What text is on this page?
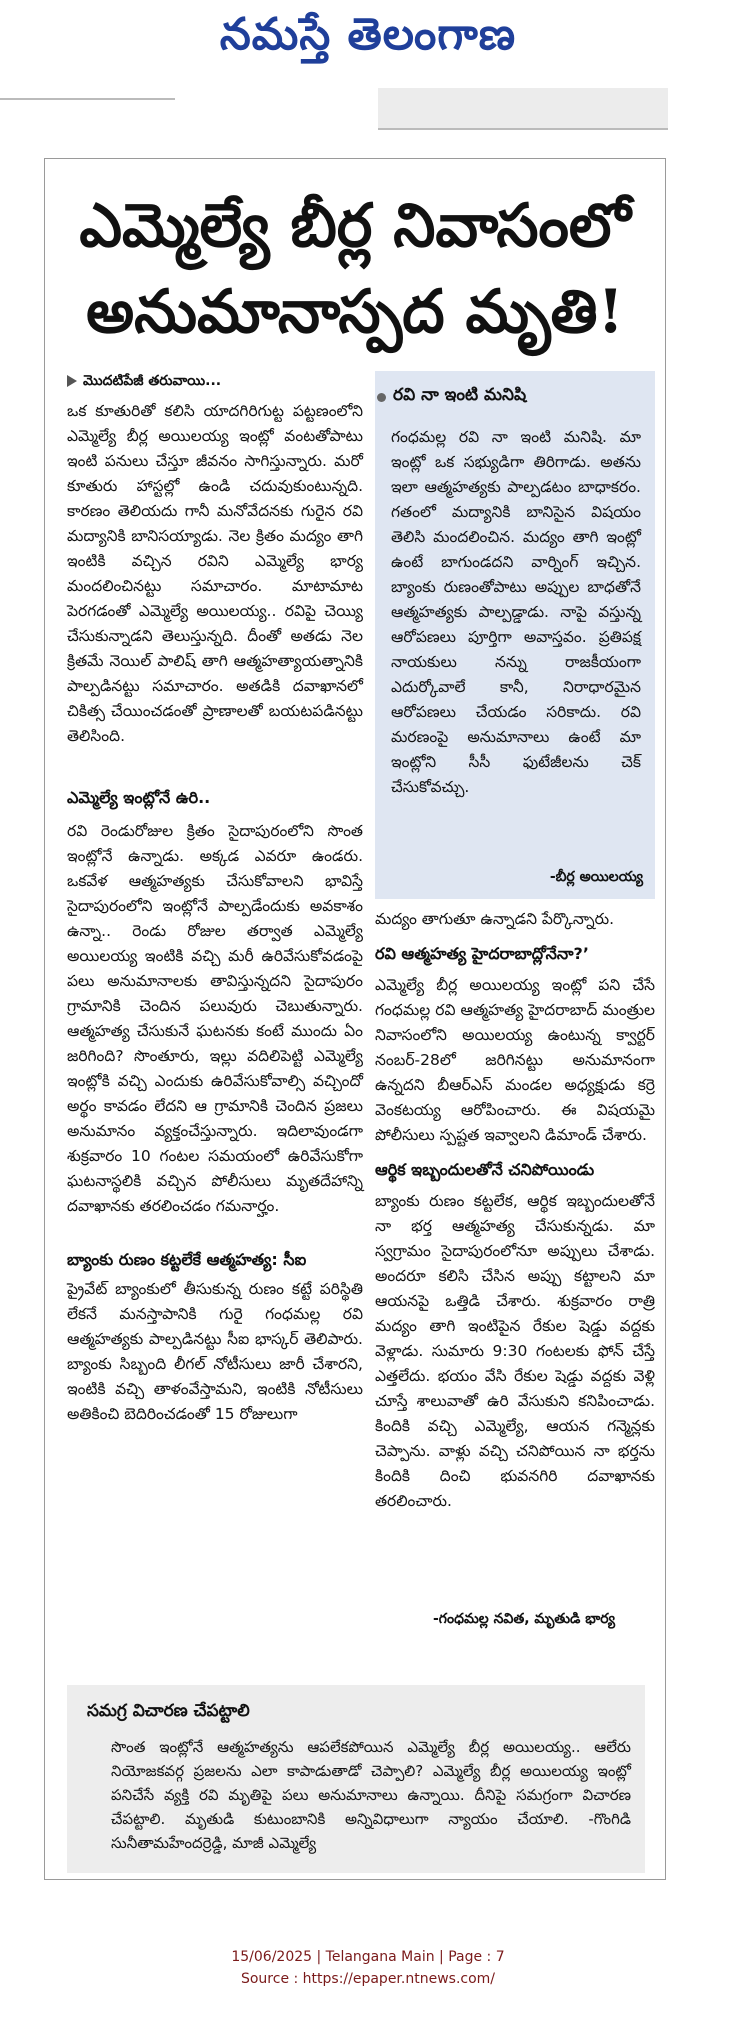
నమస్తే తెలంగాణ
ఎమ్మెల్యే బీర్ల నివాసంలో అనుమానాస్పద మృతి!
మొదటిపేజీ తరువాయి...

ఒక కూతురితో కలిసి యాదగిరిగుట్ట పట్టణంలోని ఎమ్మెల్యే బీర్ల అయిలయ్య ఇంట్లో వంటతోపాటు ఇంటి పనులు చేస్తూ జీవనం సాగిస్తున్నారు. మరో కూతురు హాస్టల్లో ఉండి చదువుకుంటున్నది. కారణం తెలియదు గానీ మనోవేదనకు గురైన రవి మద్యానికి బానిసయ్యాడు. నెల క్రితం మద్యం తాగి ఇంటికి వచ్చిన రవిని ఎమ్మెల్యే భార్య మందలించినట్టు సమాచారం. మాటామాట పెరగడంతో ఎమ్మెల్యే అయిలయ్య.. రవిపై చెయ్యి చేసుకున్నాడని తెలుస్తున్నది. దీంతో అతడు నెల క్రితమే నెయిల్ పాలిష్ తాగి ఆత్మహత్యాయత్నానికి పాల్పడినట్టు సమాచారం. అతడికి దవాఖానలో చికిత్స చేయించడంతో ప్రాణాలతో బయటపడినట్టు తెలిసింది.

ఎమ్మెల్యే ఇంట్లోనే ఉరి..

రవి రెండురోజుల క్రితం సైదాపురంలోని సొంత ఇంట్లోనే ఉన్నాడు. అక్కడ ఎవరూ ఉండరు. ఒకవేళ ఆత్మహత్యకు చేసుకోవాలని భావిస్తే సైదాపురంలోని ఇంట్లోనే పాల్పడేందుకు అవకాశం ఉన్నా.. రెండు రోజుల తర్వాత ఎమ్మెల్యే అయిలయ్య ఇంటికి వచ్చి మరీ ఉరివేసుకోవడంపై పలు అనుమానాలకు తావిస్తున్నదని సైదాపురం గ్రామానికి చెందిన పలువురు చెబుతున్నారు. ఆత్మహత్య చేసుకునే ఘటనకు కంటే ముందు ఏం జరిగింది? సొంతూరు, ఇల్లు వదిలిపెట్టి ఎమ్మెల్యే ఇంట్లోకి వచ్చి ఎందుకు ఉరివేసుకోవాల్సి వచ్చిందో అర్థం కావడం లేదని ఆ గ్రామానికి చెందిన ప్రజలు అనుమానం వ్యక్తంచేస్తున్నారు. ఇదిలావుండగా శుక్రవారం 10 గంటల సమయంలో ఉరివేసుకోగా ఘటనాస్థలికి వచ్చిన పోలీసులు మృతదేహాన్ని దవాఖానకు తరలించడం గమనార్హం.

బ్యాంకు రుణం కట్టలేకే ఆత్మహత్య: సీఐ

ప్రైవేట్ బ్యాంకులో తీసుకున్న రుణం కట్టే పరిస్థితి లేకనే మనస్తాపానికి గురై గంధమల్ల రవి ఆత్మహత్యకు పాల్పడినట్టు సీఐ భాస్కర్ తెలిపారు. బ్యాంకు సిబ్బంది లీగల్ నోటీసులు జారీ చేశారని, ఇంటికి వచ్చి తాళంవేస్తామని, ఇంటికి నోటీసులు అతికించి బెదిరించడంతో 15 రోజులుగా

రవి నా ఇంటి మనిషి

గంధమల్ల రవి నా ఇంటి మనిషి. మా ఇంట్లో ఒక సభ్యుడిగా తిరిగాడు. అతను ఇలా ఆత్మహత్యకు పాల్పడటం బాధాకరం. గతంలో మద్యానికి బానిసైన విషయం తెలిసి మందలించిన. మద్యం తాగి ఇంట్లో ఉంటే బాగుండదని వార్నింగ్ ఇచ్చిన. బ్యాంకు రుణంతోపాటు అప్పుల బాధతోనే ఆత్మహత్యకు పాల్పడ్డాడు. నాపై వస్తున్న ఆరోపణలు పూర్తిగా అవాస్తవం. ప్రతిపక్ష నాయకులు నన్ను రాజకీయంగా ఎదుర్కోవాలే కానీ, నిరాధారమైన ఆరోపణలు చేయడం సరికాదు. రవి మరణంపై అనుమానాలు ఉంటే మా ఇంట్లోని సీసీ ఫుటేజీలను చెక్ చేసుకోవచ్చు.

-బీర్ల అయిలయ్య

మద్యం తాగుతూ ఉన్నాడని పేర్కొన్నారు.

రవి ఆత్మహత్య హైదరాబాద్లోనేనా?’

ఎమ్మెల్యే బీర్ల అయిలయ్య ఇంట్లో పని చేసే గంధమల్ల రవి ఆత్మహత్య హైదరాబాద్ మంత్రుల నివాసంలోని అయిలయ్య ఉంటున్న క్వార్టర్ నంబర్-28లో జరిగినట్టు అనుమానంగా ఉన్నదని బీఆర్ఎస్ మండల అధ్యక్షుడు కర్రె వెంకటయ్య ఆరోపించారు. ఈ విషయమై పోలీసులు స్పష్టత ఇవ్వాలని డిమాండ్ చేశారు.

ఆర్థిక ఇబ్బందులతోనే చనిపోయిండు

బ్యాంకు రుణం కట్టలేక, ఆర్థిక ఇబ్బందులతోనే నా భర్త ఆత్మహత్య చేసుకున్నడు. మా స్వగ్రామం సైదాపురంలోనూ అప్పులు చేశాడు. అందరూ కలిసి చేసిన అప్పు కట్టాలని మా ఆయనపై ఒత్తిడి చేశారు. శుక్రవారం రాత్రి మద్యం తాగి ఇంటిపైన రేకుల షెడ్డు వద్దకు వెళ్లాడు. సుమారు 9:30 గంటలకు ఫోన్ చేస్తే ఎత్తలేదు. భయం వేసి రేకుల షెడ్డు వద్దకు వెళ్లి చూస్తే శాలువాతో ఉరి వేసుకుని కనిపించాడు. కిందికి వచ్చి ఎమ్మెల్యే, ఆయన గన్మెన్లకు చెప్పాను. వాళ్లు వచ్చి చనిపోయిన నా భర్తను కిందికి దించి భువనగిరి దవాఖానకు తరలించారు.

-గంధమల్ల నవిత, మృతుడి భార్య
సమగ్ర విచారణ చేపట్టాలి

సొంత ఇంట్లోనే ఆత్మహత్యను ఆపలేకపోయిన ఎమ్మెల్యే బీర్ల అయిలయ్య.. ఆలేరు నియోజకవర్గ ప్రజలను ఎలా కాపాడుతాడో చెప్పాలి? ఎమ్మెల్యే బీర్ల అయిలయ్య ఇంట్లో పనిచేసే వ్యక్తి రవి మృతిపై పలు అనుమానాలు ఉన్నాయి. దీనిపై సమగ్రంగా విచారణ చేపట్టాలి. మృతుడి కుటుంబానికి అన్నివిధాలుగా న్యాయం చేయాలి. -గొంగిడి సునీతామహేందర్రెడ్డి, మాజీ ఎమ్మెల్యే

15/06/2025 | Telangana Main | Page : 7
Source : https://epaper.ntnews.com/
